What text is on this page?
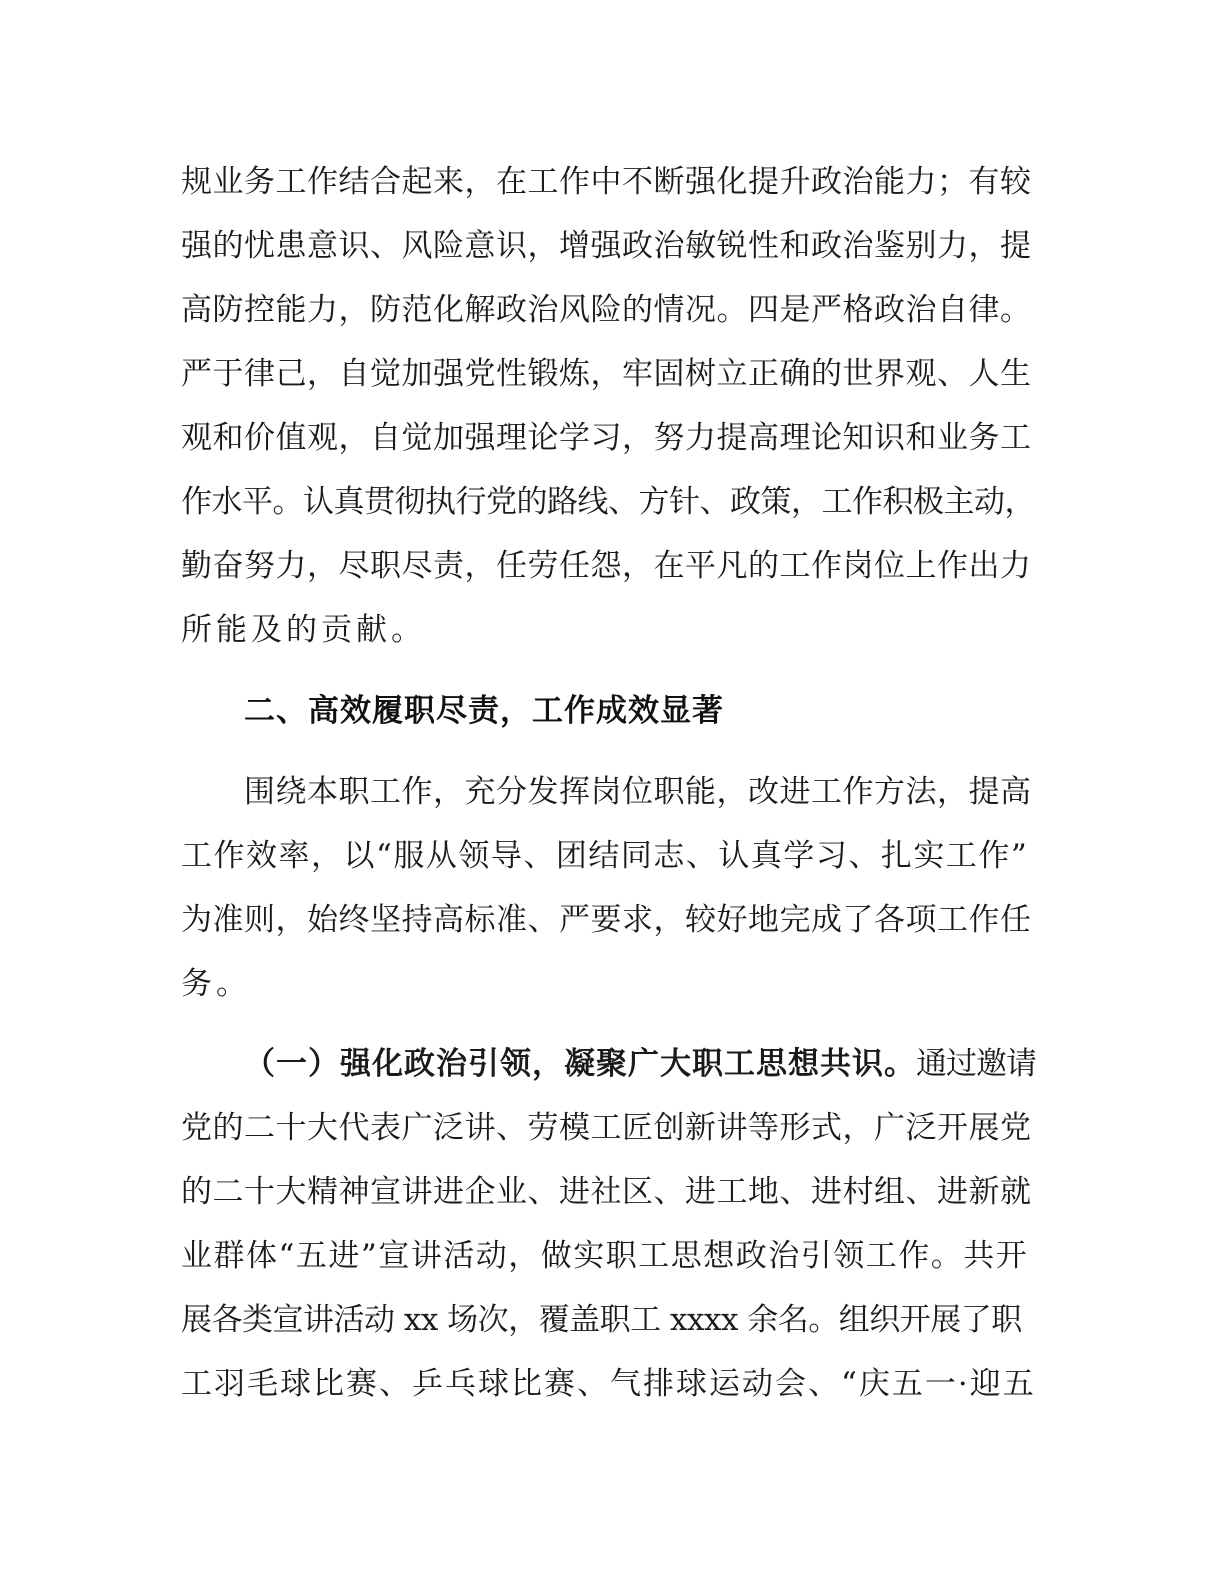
规业务工作结合起来，在工作中不断强化提升政治能力；有较
强的忧患意识、风险意识，增强政治敏锐性和政治鉴别力，提
高防控能力，防范化解政治风险的情况。四是严格政治自律。
严于律己，自觉加强党性锻炼，牢固树立正确的世界观、人生
观和价值观，自觉加强理论学习，努力提高理论知识和业务工
作水平。认真贯彻执行党的路线、方针、政策，工作积极主动，
勤奋努力，尽职尽责，任劳任怨，在平凡的工作岗位上作出力
所能及的贡献。
二、高效履职尽责，工作成效显著
围绕本职工作，充分发挥岗位职能，改进工作方法，提高
工作效率，以“服从领导、团结同志、认真学习、扎实工作”
为准则，始终坚持高标准、严要求，较好地完成了各项工作任
务。
（一）强化政治引领，凝聚广大职工思想共识。通过邀请
党的二十大代表广泛讲、劳模工匠创新讲等形式，广泛开展党
的二十大精神宣讲进企业、进社区、进工地、进村组、进新就
业群体“五进”宣讲活动，做实职工思想政治引领工作。共开
展各类宣讲活动 xx 场次，覆盖职工 xxxx 余名。组织开展了职
工羽毛球比赛、乒乓球比赛、气排球运动会、“庆五一·迎五
